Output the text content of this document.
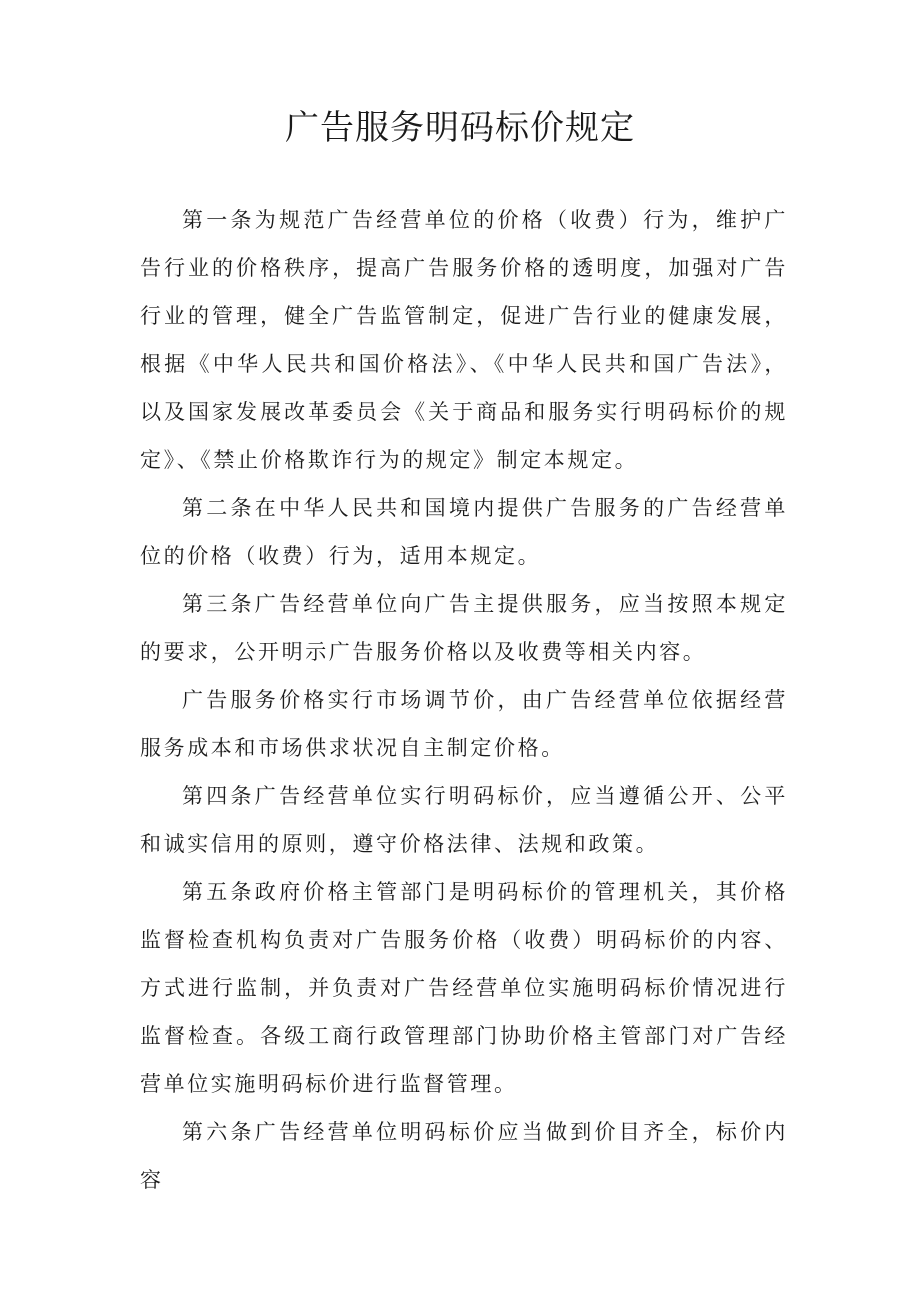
广告服务明码标价规定

第一条为规范广告经营单位的价格（收费）行为，维护广告行业的价格秩序，提高广告服务价格的透明度，加强对广告行业的管理，健全广告监管制定，促进广告行业的健康发展，根据《中华人民共和国价格法》、《中华人民共和国广告法》，以及国家发展改革委员会《关于商品和服务实行明码标价的规定》、《禁止价格欺诈行为的规定》制定本规定。

第二条在中华人民共和国境内提供广告服务的广告经营单位的价格（收费）行为，适用本规定。

第三条广告经营单位向广告主提供服务，应当按照本规定的要求，公开明示广告服务价格以及收费等相关内容。

广告服务价格实行市场调节价，由广告经营单位依据经营服务成本和市场供求状况自主制定价格。

第四条广告经营单位实行明码标价，应当遵循公开、公平和诚实信用的原则，遵守价格法律、法规和政策。

第五条政府价格主管部门是明码标价的管理机关，其价格监督检查机构负责对广告服务价格（收费）明码标价的内容、方式进行监制，并负责对广告经营单位实施明码标价情况进行监督检查。各级工商行政管理部门协助价格主管部门对广告经营单位实施明码标价进行监督管理。

第六条广告经营单位明码标价应当做到价目齐全，标价内容
